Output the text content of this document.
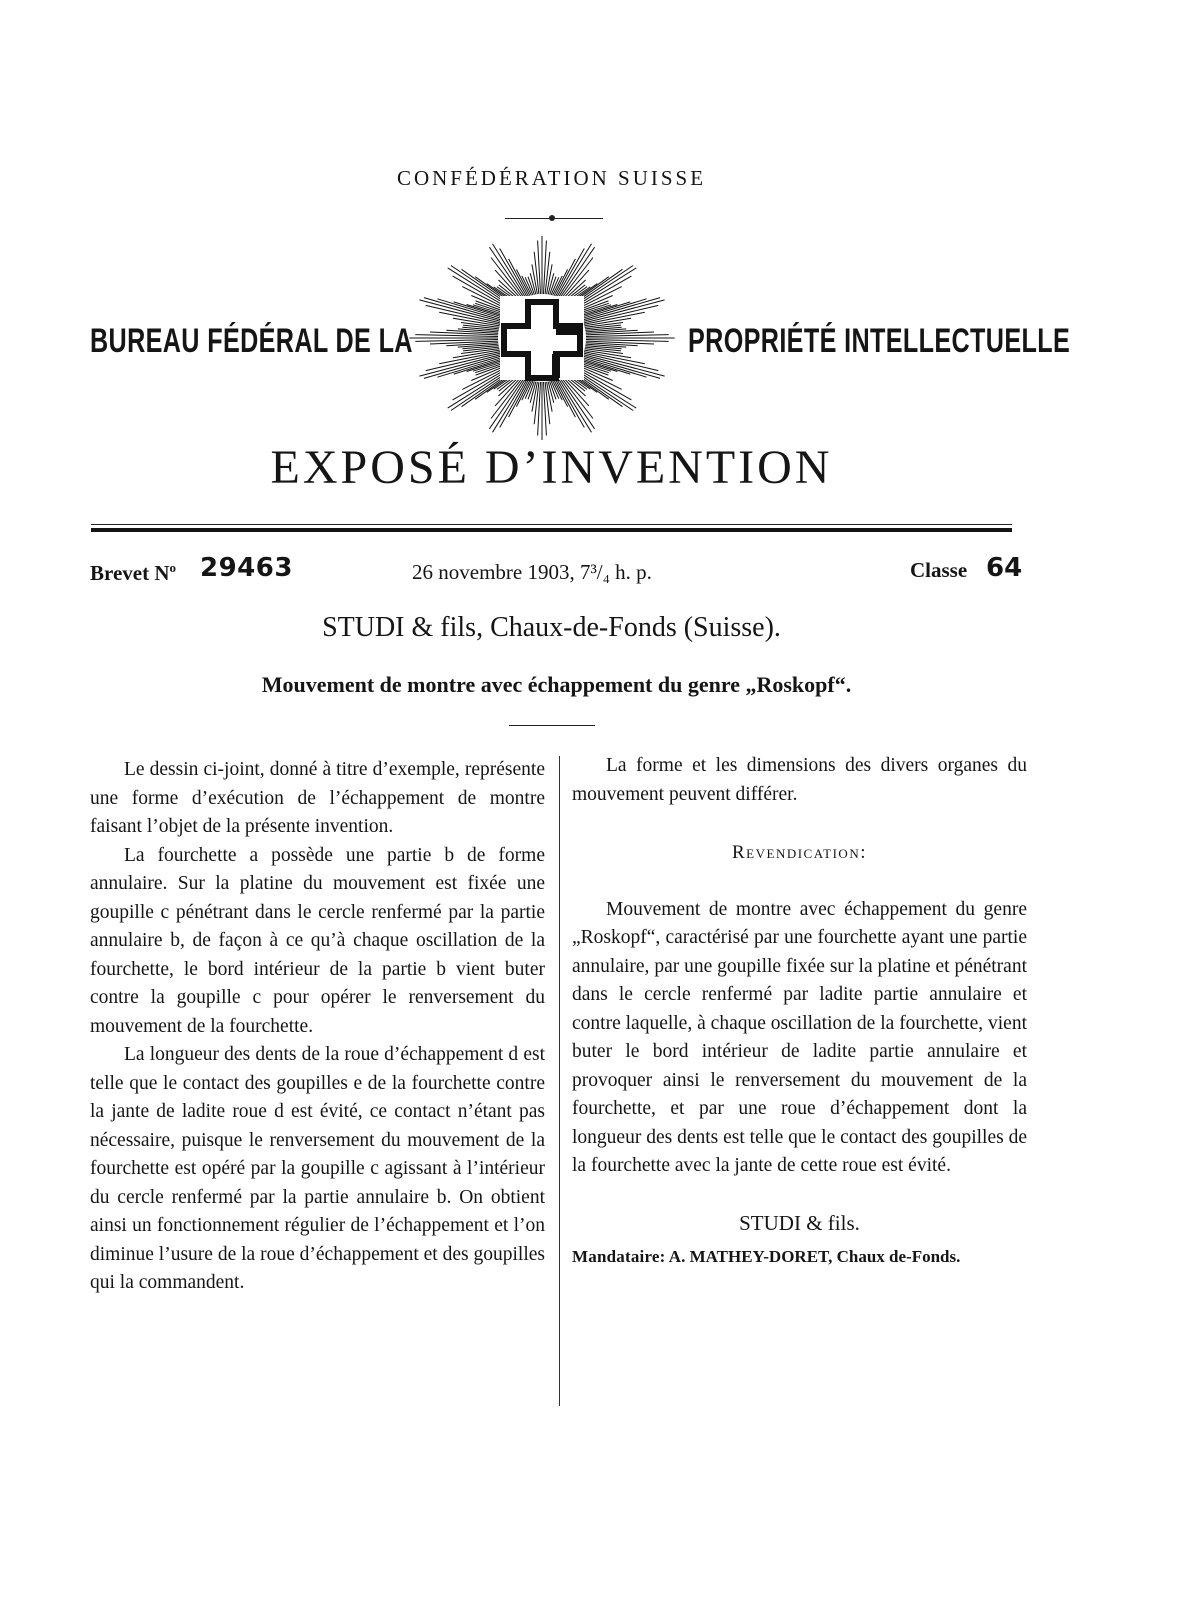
CONFÉDÉRATION SUISSE
BUREAU FÉDÉRAL DE LA	PROPRIÉTÉ INTELLECTUELLE
EXPOSÉ D’INVENTION
Brevet $N^o$ 29463	26 novembre 1903, 7³/₄ h. p.	Classe 64
STUDI & fils, Chaux-de-Fonds (Suisse).
Mouvement de montre avec échappement du genre „Roskopf“.

Le dessin ci-joint, donné à titre d’exemple, représente une forme d’exécution de l’échappement de montre faisant l’objet de la présente invention.

La fourchette a possède une partie b de forme annulaire. Sur la platine du mouvement est fixée une goupille c pénétrant dans le cercle renfermé par la partie annulaire b, de façon à ce qu’à chaque oscillation de la fourchette, le bord intérieur de la partie b vient buter contre la goupille c pour opérer le renversement du mouvement de la fourchette.

La longueur des dents de la roue d’échappement d est telle que le contact des goupilles e de la fourchette contre la jante de ladite roue d est évité, ce contact n’étant pas nécessaire, puisque le renversement du mouvement de la fourchette est opéré par la goupille c agissant à l’intérieur du cercle renfermé par la partie annulaire b. On obtient ainsi un fonctionnement régulier de l’échappement et l’on diminue l’usure de la roue d’échappement et des goupilles qui la commandent.

La forme et les dimensions des divers organes du mouvement peuvent différer.

Revendication:

Mouvement de montre avec échappement du genre „Roskopf“, caractérisé par une fourchette ayant une partie annulaire, par une goupille fixée sur la platine et pénétrant dans le cercle renfermé par ladite partie annulaire et contre laquelle, à chaque oscillation de la fourchette, vient buter le bord intérieur de ladite partie annulaire et provoquer ainsi le renversement du mouvement de la fourchette, et par une roue d’échappement dont la longueur des dents est telle que le contact des goupilles de la fourchette avec la jante de cette roue est évité.

STUDI & fils.

Mandataire: A. MATHEY-DORET, Chaux de-Fonds.
